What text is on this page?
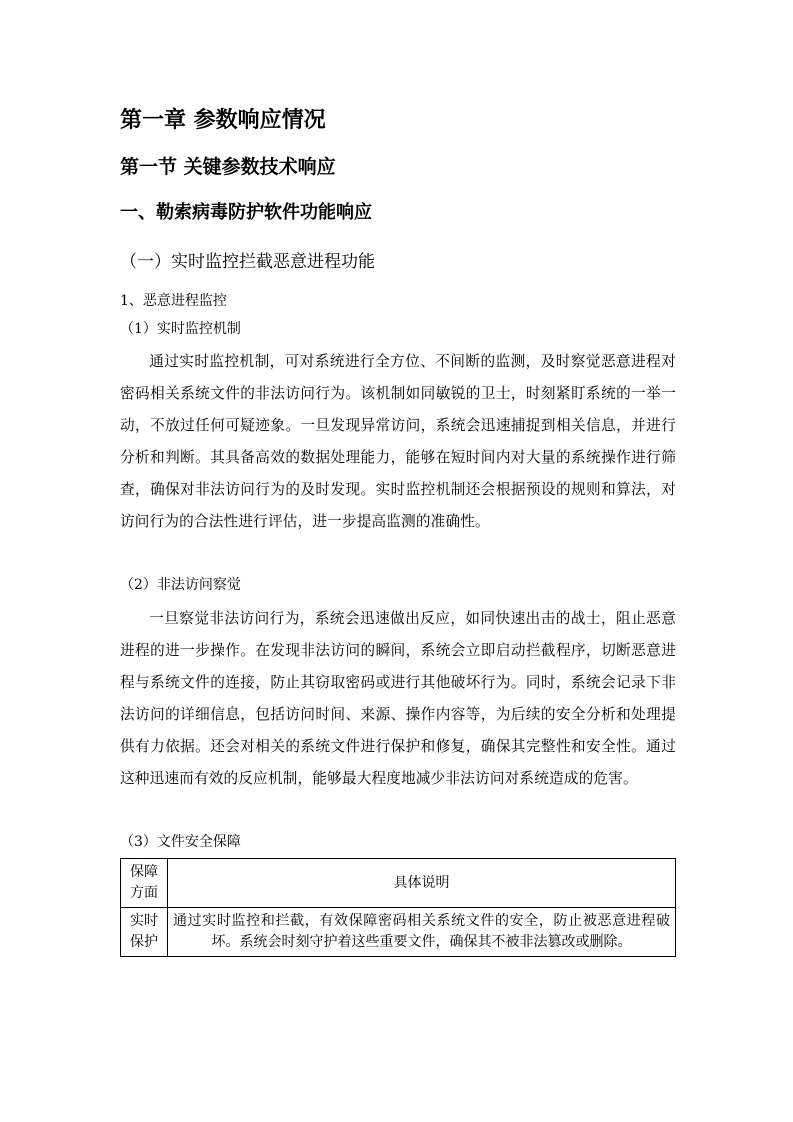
第一章 参数响应情况
第一节 关键参数技术响应
一、勒索病毒防护软件功能响应
（一）实时监控拦截恶意进程功能
1、恶意进程监控
（1）实时监控机制
通过实时监控机制，可对系统进行全方位、不间断的监测，及时察觉恶意进程对密码相关系统文件的非法访问行为。该机制如同敏锐的卫士，时刻紧盯系统的一举一动，不放过任何可疑迹象。一旦发现异常访问，系统会迅速捕捉到相关信息，并进行分析和判断。其具备高效的数据处理能力，能够在短时间内对大量的系统操作进行筛查，确保对非法访问行为的及时发现。实时监控机制还会根据预设的规则和算法，对访问行为的合法性进行评估，进一步提高监测的准确性。
（2）非法访问察觉
一旦察觉非法访问行为，系统会迅速做出反应，如同快速出击的战士，阻止恶意进程的进一步操作。在发现非法访问的瞬间，系统会立即启动拦截程序，切断恶意进程与系统文件的连接，防止其窃取密码或进行其他破坏行为。同时，系统会记录下非法访问的详细信息，包括访问时间、来源、操作内容等，为后续的安全分析和处理提供有力依据。还会对相关的系统文件进行保护和修复，确保其完整性和安全性。通过这种迅速而有效的反应机制，能够最大程度地减少非法访问对系统造成的危害。
（3）文件安全保障
保障方面	具体说明
实时保护	通过实时监控和拦截，有效保障密码相关系统文件的安全，防止被恶意进程破坏。系统会时刻守护着这些重要文件，确保其不被非法篡改或删除。
